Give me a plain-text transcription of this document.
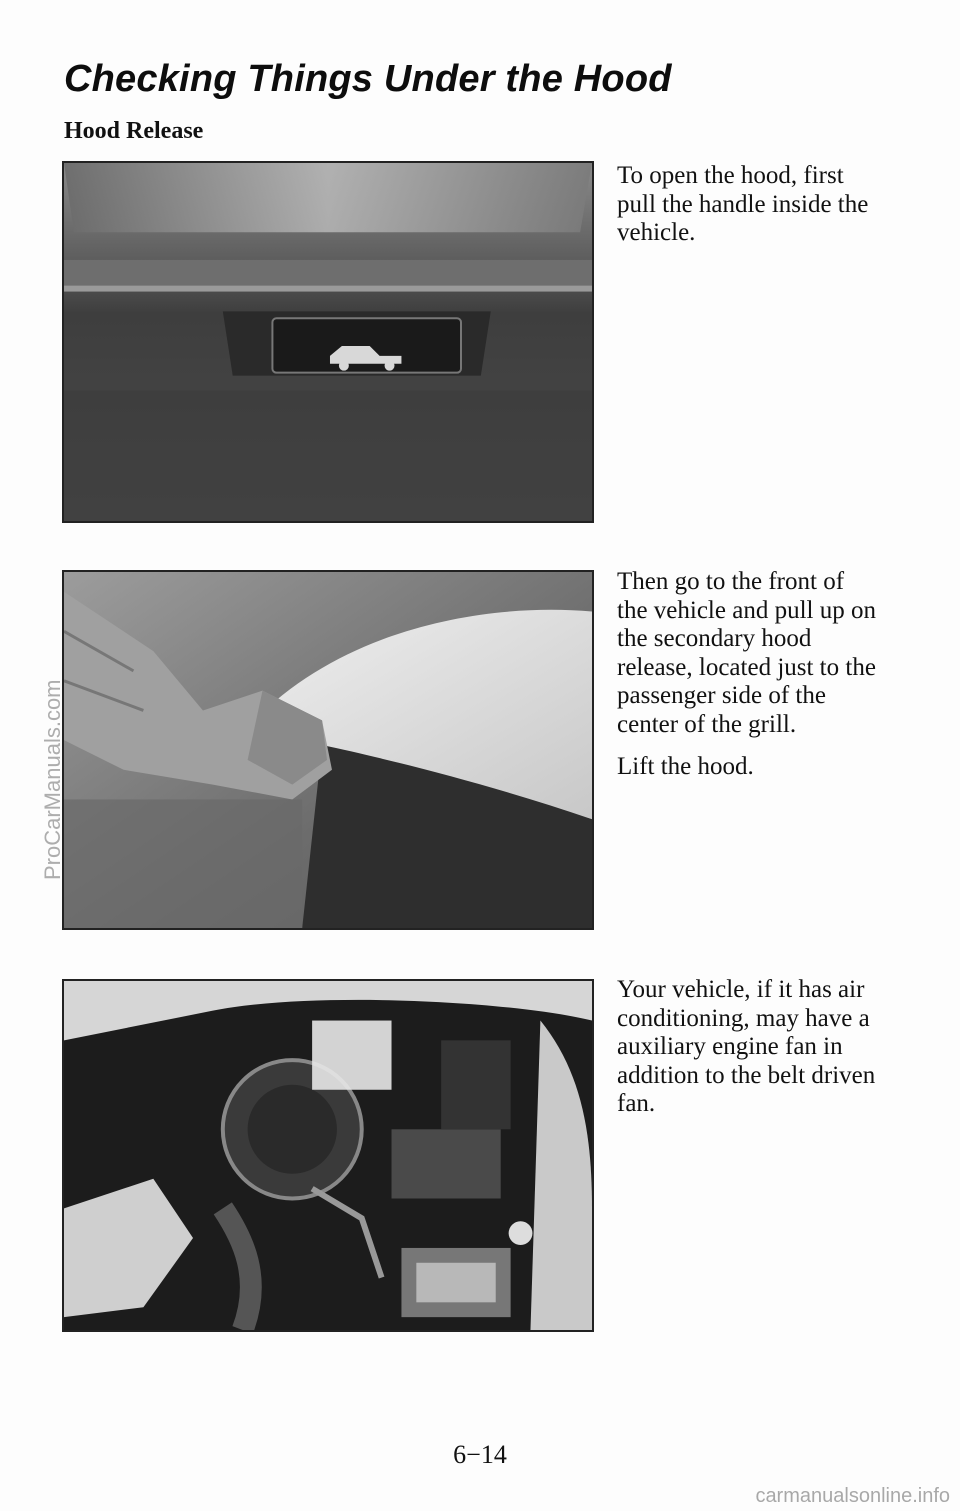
Checking Things Under the Hood
Hood Release

To open the hood, first pull the handle inside the vehicle.

Then go to the front of the vehicle and pull up on the secondary hood release, located just to the passenger side of the center of the grill.

Lift the hood.

Your vehicle, if it has air conditioning, may have a auxiliary engine fan in addition to the belt driven fan.

6−14
ProCarManuals.com
carmanualsonline.info
